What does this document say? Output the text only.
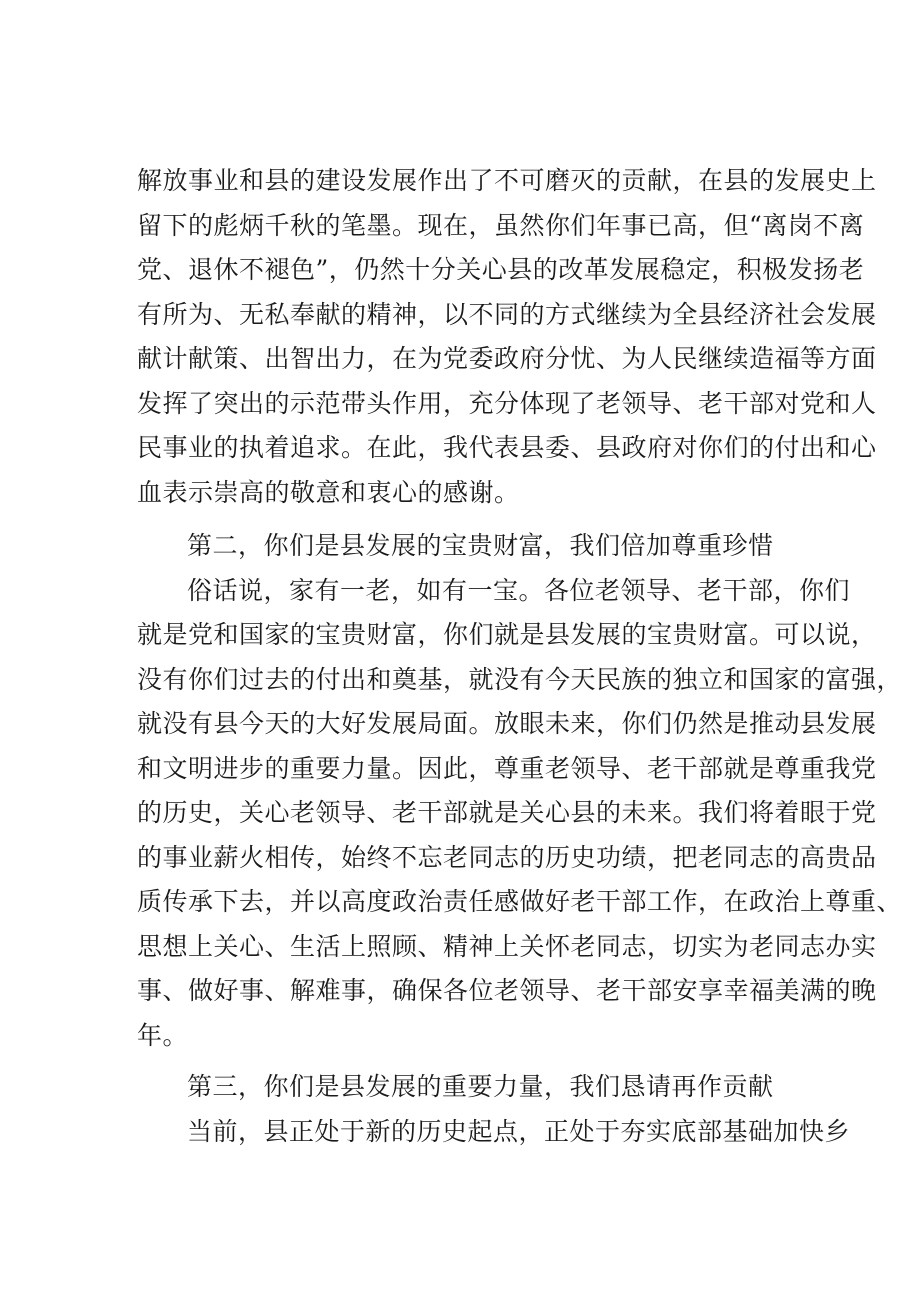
解放事业和县的建设发展作出了不可磨灭的贡献，在县的发展史上
留下的彪炳千秋的笔墨。现在，虽然你们年事已高，但“离岗不离
党、退休不褪色”，仍然十分关心县的改革发展稳定，积极发扬老
有所为、无私奉献的精神，以不同的方式继续为全县经济社会发展
献计献策、出智出力，在为党委政府分忧、为人民继续造福等方面
发挥了突出的示范带头作用，充分体现了老领导、老干部对党和人
民事业的执着追求。在此，我代表县委、县政府对你们的付出和心
血表示崇高的敬意和衷心的感谢。
第二，你们是县发展的宝贵财富，我们倍加尊重珍惜
俗话说，家有一老，如有一宝。各位老领导、老干部，你们
就是党和国家的宝贵财富，你们就是县发展的宝贵财富。可以说，
没有你们过去的付出和奠基，就没有今天民族的独立和国家的富强，
就没有县今天的大好发展局面。放眼未来，你们仍然是推动县发展
和文明进步的重要力量。因此，尊重老领导、老干部就是尊重我党
的历史，关心老领导、老干部就是关心县的未来。我们将着眼于党
的事业薪火相传，始终不忘老同志的历史功绩，把老同志的高贵品
质传承下去，并以高度政治责任感做好老干部工作，在政治上尊重、
思想上关心、生活上照顾、精神上关怀老同志，切实为老同志办实
事、做好事、解难事，确保各位老领导、老干部安享幸福美满的晚
年。
第三，你们是县发展的重要力量，我们恳请再作贡献
当前，县正处于新的历史起点，正处于夯实底部基础加快乡
